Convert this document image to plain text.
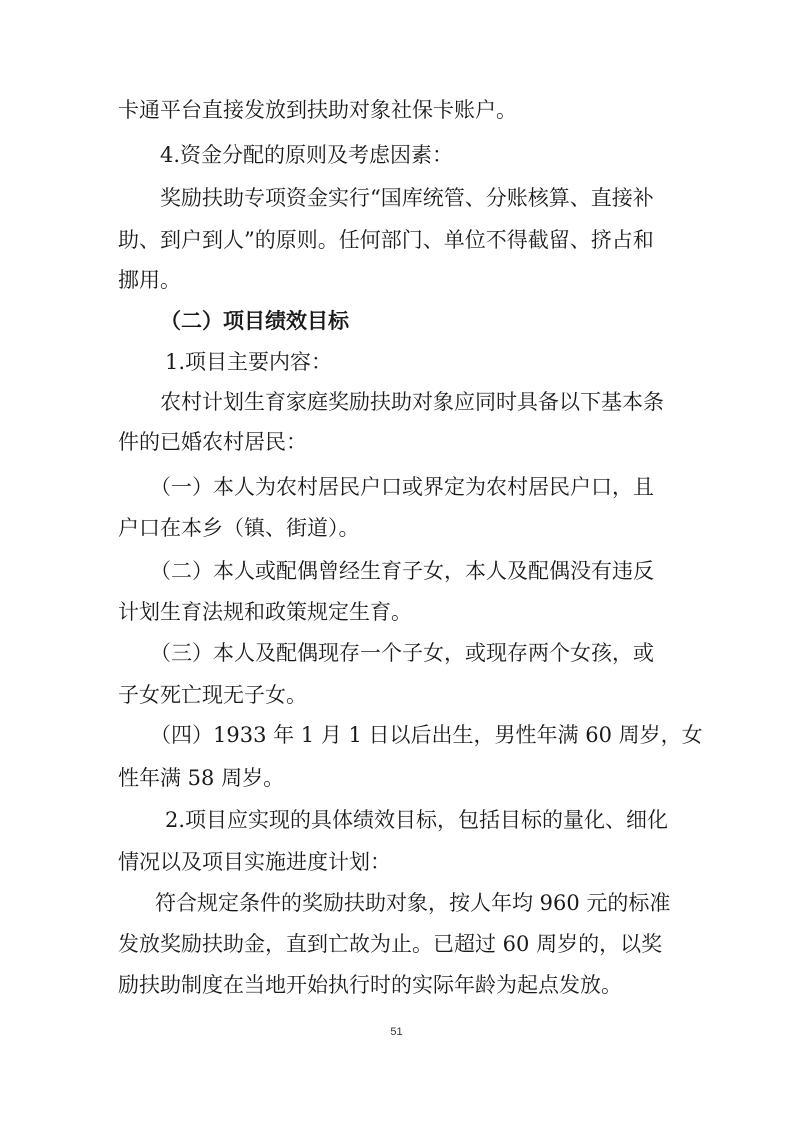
卡通平台直接发放到扶助对象社保卡账户。
4.资金分配的原则及考虑因素：
奖励扶助专项资金实行“国库统管、分账核算、直接补
助、到户到人”的原则。任何部门、单位不得截留、挤占和
挪用。
（二）项目绩效目标
1.项目主要内容：
农村计划生育家庭奖励扶助对象应同时具备以下基本条
件的已婚农村居民：
（一）本人为农村居民户口或界定为农村居民户口，且
户口在本乡（镇、街道）。
（二）本人或配偶曾经生育子女，本人及配偶没有违反
计划生育法规和政策规定生育。
（三）本人及配偶现存一个子女，或现存两个女孩，或
子女死亡现无子女。
（四）1933 年 1 月 1 日以后出生，男性年满 60 周岁，女
性年满 58 周岁。
2.项目应实现的具体绩效目标，包括目标的量化、细化
情况以及项目实施进度计划：
符合规定条件的奖励扶助对象，按人年均 960 元的标准
发放奖励扶助金，直到亡故为止。已超过 60 周岁的，以奖
励扶助制度在当地开始执行时的实际年龄为起点发放。
51
